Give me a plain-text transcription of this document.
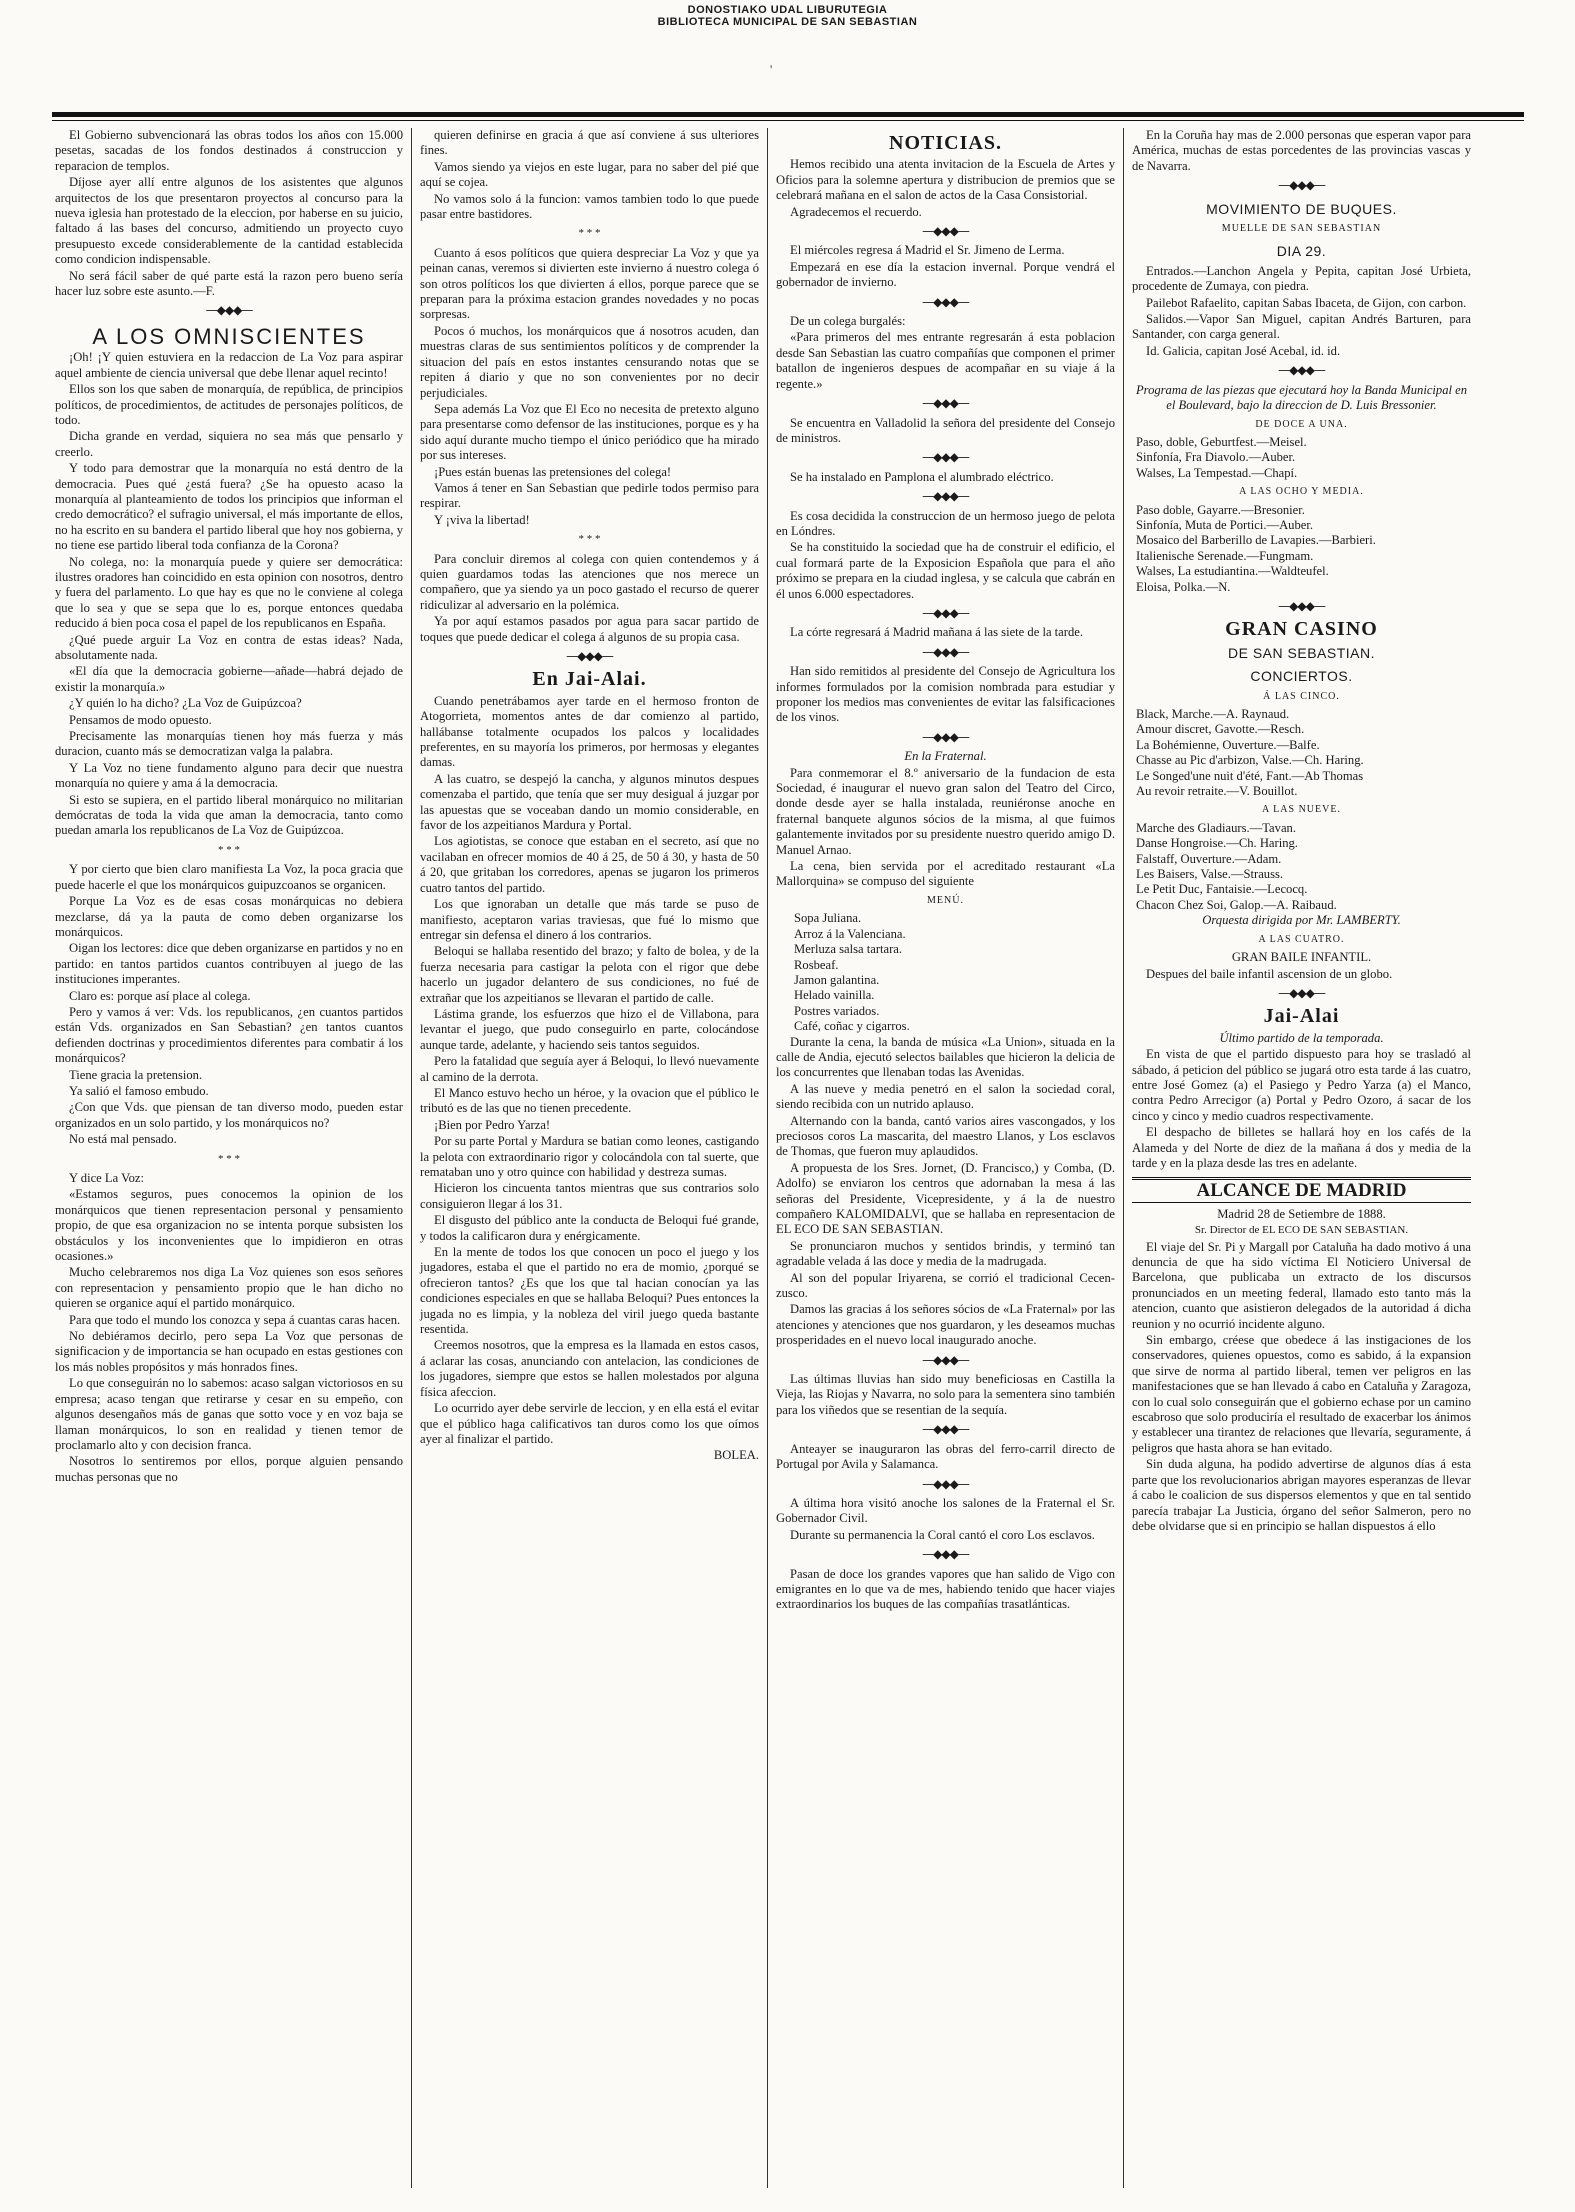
DONOSTIAKO UDAL LIBURUTEGIA
BIBLIOTECA MUNICIPAL DE SAN SEBASTIAN
'

El Gobierno subvencionará las obras todos los años con 15.000 pesetas, sacadas de los fondos destinados á construccion y reparacion de templos.

Díjose ayer allí entre algunos de los asistentes que algunos arquitectos de los que presentaron proyectos al concurso para la nueva iglesia han protestado de la eleccion, por haberse en su juicio, faltado á las bases del concurso, admitiendo un proyecto cuyo presupuesto excede considerablemente de la cantidad establecida como condicion indispensable.

No será fácil saber de qué parte está la razon pero bueno sería hacer luz sobre este asunto.—F.

—◆◆◆—
A LOS OMNISCIENTES

¡Oh! ¡Y quien estuviera en la redaccion de La Voz para aspirar aquel ambiente de ciencia universal que debe llenar aquel recinto!

Ellos son los que saben de monarquía, de república, de principios políticos, de procedimientos, de actitudes de personajes políticos, de todo.

Dicha grande en verdad, siquiera no sea más que pensarlo y creerlo.

Y todo para demostrar que la monarquía no está dentro de la democracia. Pues qué ¿está fuera? ¿Se ha opuesto acaso la monarquía al planteamiento de todos los principios que informan el credo democrático? el sufragio universal, el más importante de ellos, no ha escrito en su bandera el partido liberal que hoy nos gobierna, y no tiene ese partido liberal toda confianza de la Corona?

No colega, no: la monarquía puede y quiere ser democrática: ilustres oradores han coincidido en esta opinion con nosotros, dentro y fuera del parlamento. Lo que hay es que no le conviene al colega que lo sea y que se sepa que lo es, porque entonces quedaba reducido á bien poca cosa el papel de los republicanos en España.

¿Qué puede arguir La Voz en contra de estas ideas? Nada, absolutamente nada.

«El día que la democracia gobierne—añade—habrá dejado de existir la monarquía.»

¿Y quién lo ha dicho? ¿La Voz de Guipúzcoa?

Pensamos de modo opuesto.

Precisamente las monarquías tienen hoy más fuerza y más duracion, cuanto más se democratizan valga la palabra.

Y La Voz no tiene fundamento alguno para decir que nuestra monarquía no quiere y ama á la democracia.

Si esto se supiera, en el partido liberal monárquico no militarian demócratas de toda la vida que aman la democracia, tanto como puedan amarla los republicanos de La Voz de Guipúzcoa.

* * *

Y por cierto que bien claro manifiesta La Voz, la poca gracia que puede hacerle el que los monárquicos guipuzcoanos se organicen.

Porque La Voz es de esas cosas monárquicas no debiera mezclarse, dá ya la pauta de como deben organizarse los monárquicos.

Oigan los lectores: dice que deben organizarse en partidos y no en partido: en tantos partidos cuantos contribuyen al juego de las instituciones imperantes.

Claro es: porque así place al colega.

Pero y vamos á ver: Vds. los republicanos, ¿en cuantos partidos están Vds. organizados en San Sebastian? ¿en tantos cuantos defienden doctrinas y procedimientos diferentes para combatir á los monárquicos?

Tiene gracia la pretension.

Ya salió el famoso embudo.

¿Con que Vds. que piensan de tan diverso modo, pueden estar organizados en un solo partido, y los monárquicos no?

No está mal pensado.

* * *

Y dice La Voz:

«Estamos seguros, pues conocemos la opinion de los monárquicos que tienen representacion personal y pensamiento propio, de que esa organizacion no se intenta porque subsisten los obstáculos y los inconvenientes que lo impidieron en otras ocasiones.»

Mucho celebraremos nos diga La Voz quienes son esos señores con representacion y pensamiento propio que le han dicho no quieren se organice aquí el partido monárquico.

Para que todo el mundo los conozca y sepa á cuantas caras hacen.

No debiéramos decirlo, pero sepa La Voz que personas de significacion y de importancia se han ocupado en estas gestiones con los más nobles propósitos y más honrados fines.

Lo que conseguirán no lo sabemos: acaso salgan victoriosos en su empresa; acaso tengan que retirarse y cesar en su empeño, con algunos desengaños más de ganas que sotto voce y en voz baja se llaman monárquicos, lo son en realidad y tienen temor de proclamarlo alto y con decision franca.

Nosotros lo sentiremos por ellos, porque alguien pensando muchas personas que no

quieren definirse en gracia á que así conviene á sus ulteriores fines.

Vamos siendo ya viejos en este lugar, para no saber del pié que aquí se cojea.

No vamos solo á la funcion: vamos tambien todo lo que puede pasar entre bastidores.

* * *

Cuanto á esos políticos que quiera despreciar La Voz y que ya peinan canas, veremos si divierten este invierno á nuestro colega ó son otros políticos los que divierten á ellos, porque parece que se preparan para la próxima estacion grandes novedades y no pocas sorpresas.

Pocos ó muchos, los monárquicos que á nosotros acuden, dan muestras claras de sus sentimientos políticos y de comprender la situacion del país en estos instantes censurando notas que se repiten á diario y que no son convenientes por no decir perjudiciales.

Sepa además La Voz que El Eco no necesita de pretexto alguno para presentarse como defensor de las instituciones, porque es y ha sido aquí durante mucho tiempo el único periódico que ha mirado por sus intereses.

¡Pues están buenas las pretensiones del colega!

Vamos á tener en San Sebastian que pedirle todos permiso para respirar.

Y ¡viva la libertad!

* * *

Para concluir diremos al colega con quien contendemos y á quien guardamos todas las atenciones que nos merece un compañero, que ya siendo ya un poco gastado el recurso de querer ridiculizar al adversario en la polémica.

Ya por aquí estamos pasados por agua para sacar partido de toques que puede dedicar el colega á algunos de su propia casa.

—◆◆◆—
En Jai-Alai.

Cuando penetrábamos ayer tarde en el hermoso fronton de Atogorrieta, momentos antes de dar comienzo al partido, hallábanse totalmente ocupados los palcos y localidades preferentes, en su mayoría los primeros, por hermosas y elegantes damas.

A las cuatro, se despejó la cancha, y algunos minutos despues comenzaba el partido, que tenía que ser muy desigual á juzgar por las apuestas que se voceaban dando un momio considerable, en favor de los azpeitianos Mardura y Portal.

Los agiotistas, se conoce que estaban en el secreto, así que no vacilaban en ofrecer momios de 40 á 25, de 50 á 30, y hasta de 50 á 20, que gritaban los corredores, apenas se jugaron los primeros cuatro tantos del partido.

Los que ignoraban un detalle que más tarde se puso de manifiesto, aceptaron varias traviesas, que fué lo mismo que entregar sin defensa el dinero á los contrarios.

Beloqui se hallaba resentido del brazo; y falto de bolea, y de la fuerza necesaria para castigar la pelota con el rigor que debe hacerlo un jugador delantero de sus condiciones, no fué de extrañar que los azpeitianos se llevaran el partido de calle.

Lástima grande, los esfuerzos que hizo el de Villabona, para levantar el juego, que pudo conseguirlo en parte, colocándose aunque tarde, adelante, y haciendo seis tantos seguidos.

Pero la fatalidad que seguía ayer á Beloqui, lo llevó nuevamente al camino de la derrota.

El Manco estuvo hecho un héroe, y la ovacion que el público le tributó es de las que no tienen precedente.

¡Bien por Pedro Yarza!

Por su parte Portal y Mardura se batian como leones, castigando la pelota con extraordinario rigor y colocándola con tal suerte, que remataban uno y otro quince con habilidad y destreza sumas.

Hicieron los cincuenta tantos mientras que sus contrarios solo consiguieron llegar á los 31.

El disgusto del público ante la conducta de Beloqui fué grande, y todos la calificaron dura y enérgicamente.

En la mente de todos los que conocen un poco el juego y los jugadores, estaba el que el partido no era de momio, ¿porqué se ofrecieron tantos? ¿Es que los que tal hacian conocían ya las condiciones especiales en que se hallaba Beloqui? Pues entonces la jugada no es limpia, y la nobleza del viril juego queda bastante resentida.

Creemos nosotros, que la empresa es la llamada en estos casos, á aclarar las cosas, anunciando con antelacion, las condiciones de los jugadores, siempre que estos se hallen molestados por alguna física afeccion.

Lo ocurrido ayer debe servirle de leccion, y en ella está el evitar que el público haga calificativos tan duros como los que oímos ayer al finalizar el partido.

BOLEA.

NOTICIAS.

Hemos recibido una atenta invitacion de la Escuela de Artes y Oficios para la solemne apertura y distribucion de premios que se celebrará mañana en el salon de actos de la Casa Consistorial.

Agradecemos el recuerdo.

—◆◆◆—

El miércoles regresa á Madrid el Sr. Jimeno de Lerma.

Empezará en ese día la estacion invernal. Porque vendrá el gobernador de invierno.

—◆◆◆—

De un colega burgalés:

«Para primeros del mes entrante regresarán á esta poblacion desde San Sebastian las cuatro compañías que componen el primer batallon de ingenieros despues de acompañar en su viaje á la regente.»

—◆◆◆—

Se encuentra en Valladolid la señora del presidente del Consejo de ministros.

—◆◆◆—

Se ha instalado en Pamplona el alumbrado eléctrico.

—◆◆◆—

Es cosa decidida la construccion de un hermoso juego de pelota en Lóndres.

Se ha constituido la sociedad que ha de construir el edificio, el cual formará parte de la Exposicion Española que para el año próximo se prepara en la ciudad inglesa, y se calcula que cabrán en él unos 6.000 espectadores.

—◆◆◆—

La córte regresará á Madrid mañana á las siete de la tarde.

—◆◆◆—

Han sido remitidos al presidente del Consejo de Agricultura los informes formulados por la comision nombrada para estudiar y proponer los medios mas convenientes de evitar las falsificaciones de los vinos.

—◆◆◆—

En la Fraternal.

Para conmemorar el 8.º aniversario de la fundacion de esta Sociedad, é inaugurar el nuevo gran salon del Teatro del Circo, donde desde ayer se halla instalada, reuniéronse anoche en fraternal banquete algunos sócios de la misma, al que fuimos galantemente invitados por su presidente nuestro querido amigo D. Manuel Arnao.

La cena, bien servida por el acreditado restaurant «La Mallorquina» se compuso del siguiente

MENÚ.

Sopa Juliana.

Arroz á la Valenciana.

Merluza salsa tartara.

Rosbeaf.

Jamon galantina.

Helado vainilla.

Postres variados.

Café, coñac y cigarros.

Durante la cena, la banda de música «La Union», situada en la calle de Andia, ejecutó selectos bailables que hicieron la delicia de los concurrentes que llenaban todas las Avenidas.

A las nueve y media penetró en el salon la sociedad coral, siendo recibida con un nutrido aplauso.

Alternando con la banda, cantó varios aires vascongados, y los preciosos coros La mascarita, del maestro Llanos, y Los esclavos de Thomas, que fueron muy aplaudidos.

A propuesta de los Sres. Jornet, (D. Francisco,) y Comba, (D. Adolfo) se enviaron los centros que adornaban la mesa á las señoras del Presidente, Vicepresidente, y á la de nuestro compañero KALOMIDALVI, que se hallaba en representacion de EL ECO DE SAN SEBASTIAN.

Se pronunciaron muchos y sentidos brindis, y terminó tan agradable velada á las doce y media de la madrugada.

Al son del popular Iriyarena, se corrió el tradicional Cecen-zusco.

Damos las gracias á los señores sócios de «La Fraternal» por las atenciones y atenciones que nos guardaron, y les deseamos muchas prosperidades en el nuevo local inaugurado anoche.

—◆◆◆—

Las últimas lluvias han sido muy beneficiosas en Castilla la Vieja, las Riojas y Navarra, no solo para la sementera sino también para los viñedos que se resentian de la sequía.

—◆◆◆—

Anteayer se inauguraron las obras del ferro-carril directo de Portugal por Avila y Salamanca.

—◆◆◆—

A última hora visitó anoche los salones de la Fraternal el Sr. Gobernador Civil.

Durante su permanencia la Coral cantó el coro Los esclavos.

—◆◆◆—

Pasan de doce los grandes vapores que han salido de Vigo con emigrantes en lo que va de mes, habiendo tenido que hacer viajes extraordinarios los buques de las compañías trasatlánticas.

En la Coruña hay mas de 2.000 personas que esperan vapor para América, muchas de estas porcedentes de las provincias vascas y de Navarra.

—◆◆◆—
MOVIMIENTO DE BUQUES.
MUELLE DE SAN SEBASTIAN
DIA 29.

Entrados.—Lanchon Angela y Pepita, capitan José Urbieta, procedente de Zumaya, con piedra.

Pailebot Rafaelito, capitan Sabas Ibaceta, de Gijon, con carbon.

Salidos.—Vapor San Miguel, capitan Andrés Barturen, para Santander, con carga general.

Id. Galicia, capitan José Acebal, id. id.

—◆◆◆—

Programa de las piezas que ejecutará hoy la Banda Municipal en el Boulevard, bajo la direccion de D. Luis Bressonier.

DE DOCE A UNA.

Paso, doble, Geburtfest.—Meisel.

Sinfonía, Fra Diavolo.—Auber.

Walses, La Tempestad.—Chapí.

A LAS OCHO Y MEDIA.

Paso doble, Gayarre.—Bresonier.

Sinfonía, Muta de Portici.—Auber.

Mosaico del Barberillo de Lavapies.—Barbieri.

Italienische Serenade.—Fungmam.

Walses, La estudiantina.—Waldteufel.

Eloisa, Polka.—N.

—◆◆◆—
GRAN CASINO
DE SAN SEBASTIAN.
CONCIERTOS.
Á LAS CINCO.

Black, Marche.—A. Raynaud.

Amour discret, Gavotte.—Resch.

La Bohémienne, Ouverture.—Balfe.

Chasse au Pic d'arbizon, Valse.—Ch. Haring.

Le Songed'une nuit d'été, Fant.—Ab Thomas

Au revoir retraite.—V. Bouillot.

A LAS NUEVE.

Marche des Gladiaurs.—Tavan.

Danse Hongroise.—Ch. Haring.

Falstaff, Ouverture.—Adam.

Les Baisers, Valse.—Strauss.

Le Petit Duc, Fantaisie.—Lecocq.

Chacon Chez Soi, Galop.—A. Raibaud.

Orquesta dirigida por Mr. LAMBERTY.

A LAS CUATRO.

GRAN BAILE INFANTIL.

Despues del baile infantil ascension de un globo.

—◆◆◆—
Jai-Alai

Último partido de la temporada.

En vista de que el partido dispuesto para hoy se trasladó al sábado, á peticion del público se jugará otro esta tarde á las cuatro, entre José Gomez (a) el Pasiego y Pedro Yarza (a) el Manco, contra Pedro Arrecigor (a) Portal y Pedro Ozoro, á sacar de los cinco y cinco y medio cuadros respectivamente.

El despacho de billetes se hallará hoy en los cafés de la Alameda y del Norte de diez de la mañana á dos y media de la tarde y en la plaza desde las tres en adelante.

ALCANCE DE MADRID

Madrid 28 de Setiembre de 1888.

Sr. Director de EL ECO DE SAN SEBASTIAN.

El viaje del Sr. Pi y Margall por Cataluña ha dado motivo á una denuncia de que ha sido víctima El Noticiero Universal de Barcelona, que publicaba un extracto de los discursos pronunciados en un meeting federal, llamado esto tanto más la atencion, cuanto que asistieron delegados de la autoridad á dicha reunion y no ocurrió incidente alguno.

Sin embargo, créese que obedece á las instigaciones de los conservadores, quienes opuestos, como es sabido, á la expansion que sirve de norma al partido liberal, temen ver peligros en las manifestaciones que se han llevado á cabo en Cataluña y Zaragoza, con lo cual solo conseguirán que el gobierno echase por un camino escabroso que solo produciría el resultado de exacerbar los ánimos y establecer una tirantez de relaciones que llevaría, seguramente, á peligros que hasta ahora se han evitado.

Sin duda alguna, ha podido advertirse de algunos días á esta parte que los revolucionarios abrigan mayores esperanzas de llevar á cabo le coalicion de sus dispersos elementos y que en tal sentido parecía trabajar La Justicia, órgano del señor Salmeron, pero no debe olvidarse que si en principio se hallan dispuestos á ello
